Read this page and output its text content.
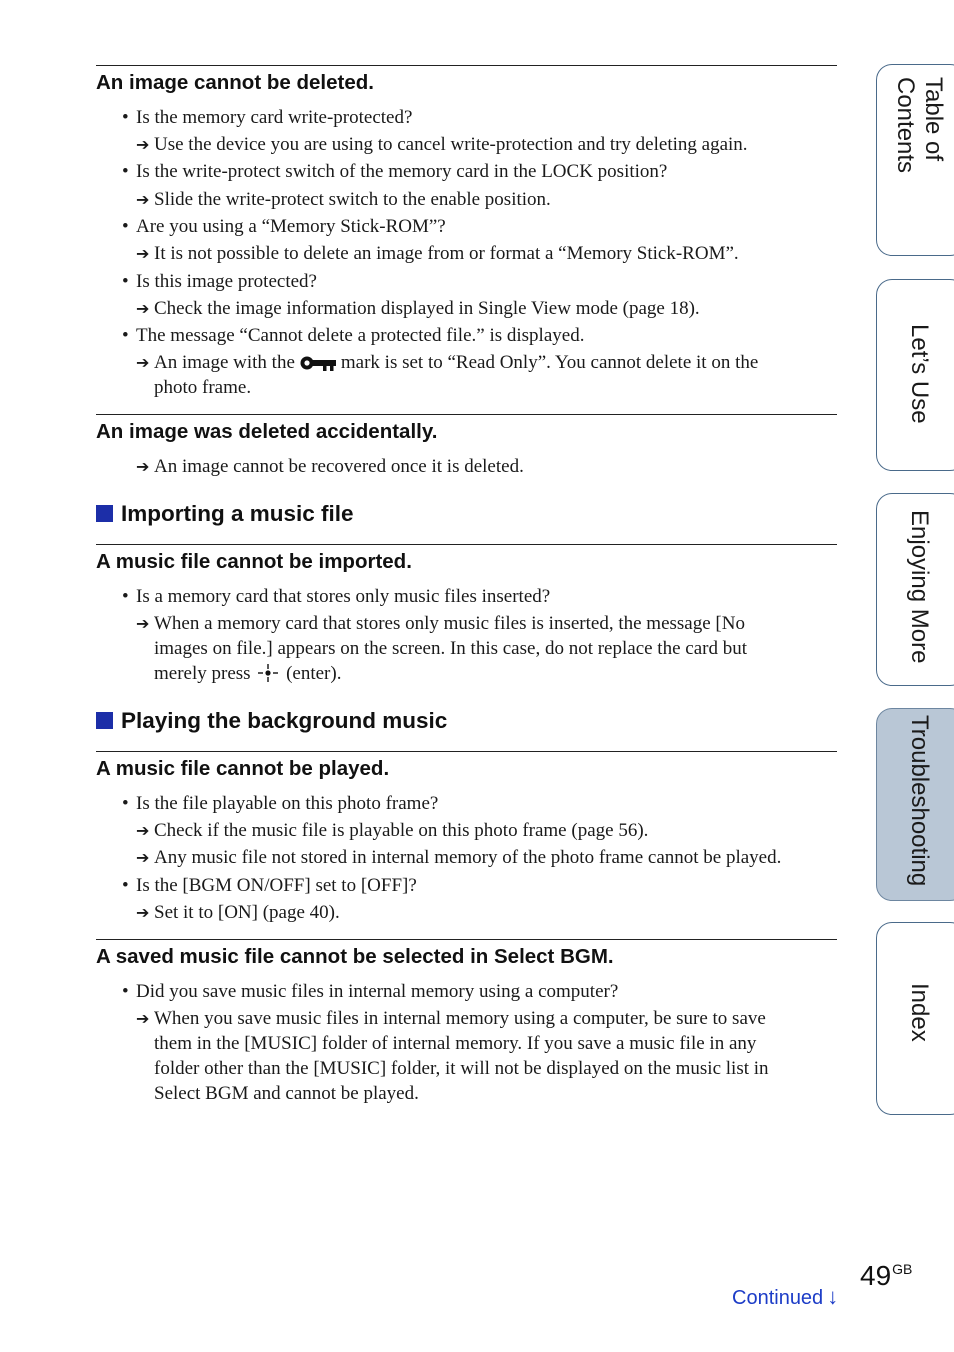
An image cannot be deleted.
• Is the memory card write-protected?
➔ Use the device you are using to cancel write-protection and try deleting again.
• Is the write-protect switch of the memory card in the LOCK position?
➔ Slide the write-protect switch to the enable position.
• Are you using a “Memory Stick-ROM”?
➔ It is not possible to delete an image from or format a “Memory Stick-ROM”.
• Is this image protected?
➔ Check the image information displayed in Single View mode (page 18).
• The message “Cannot delete a protected file.” is displayed.
➔ An image with the mark is set to “Read Only”. You cannot delete it on the
photo frame.
An image was deleted accidentally.
➔ An image cannot be recovered once it is deleted.
Importing a music file
A music file cannot be imported.
• Is a memory card that stores only music files inserted?
➔ When a memory card that stores only music files is inserted, the message [No
images on file.] appears on the screen. In this case, do not replace the card but
merely press (enter).
Playing the background music
A music file cannot be played.
• Is the file playable on this photo frame?
➔ Check if the music file is playable on this photo frame (page 56).
➔ Any music file not stored in internal memory of the photo frame cannot be played.
• Is the [BGM ON/OFF] set to [OFF]?
➔ Set it to [ON] (page 40).
A saved music file cannot be selected in Select BGM.
• Did you save music files in internal memory using a computer?
➔ When you save music files in internal memory using a computer, be sure to save
them in the [MUSIC] folder of internal memory. If you save a music file in any
folder other than the [MUSIC] folder, it will not be displayed on the music list in
Select BGM and cannot be played.
Table of
Contents
Let’s Use
Enjoying More
Troubleshooting
Index
$49^{GB}$
Continued ↓
